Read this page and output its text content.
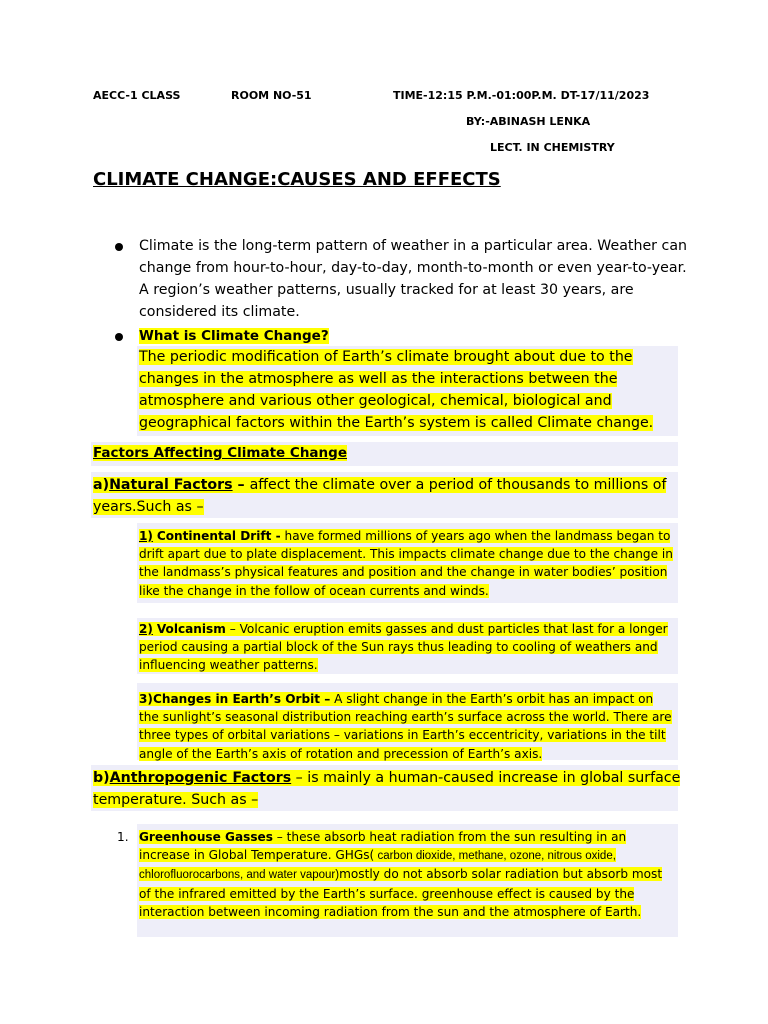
AECC-1 CLASS	ROOM NO-51	TIME-12:15 P.M.-01:00P.M. DT-17/11/2023
BY:-ABINASH LENKA
LECT. IN CHEMISTRY
CLIMATE CHANGE:CAUSES AND EFFECTS
Climate is the long-term pattern of weather in a particular area. Weather can change from hour-to-hour, day-to-day, month-to-month or even year-to-year. A region’s weather patterns, usually tracked for at least 30 years, are considered its climate.
What is Climate Change?
The periodic modification of Earth’s climate brought about due to the changes in the atmosphere as well as the interactions between the atmosphere and various other geological, chemical, biological and geographical factors within the Earth’s system is called Climate change.
Factors Affecting Climate Change
a)Natural Factors – affect the climate over a period of thousands to millions of years.Such as –
1) Continental Drift - have formed millions of years ago when the landmass began to drift apart due to plate displacement. This impacts climate change due to the change in the landmass’s physical features and position and the change in water bodies’ position like the change in the follow of ocean currents and winds.
2) Volcanism – Volcanic eruption emits gasses and dust particles that last for a longer period causing a partial block of the Sun rays thus leading to cooling of weathers and influencing weather patterns.
3)Changes in Earth’s Orbit – A slight change in the Earth’s orbit has an impact on the sunlight’s seasonal distribution reaching earth’s surface across the world. There are three types of orbital variations – variations in Earth’s eccentricity, variations in the tilt angle of the Earth’s axis of rotation and precession of Earth’s axis.
b)Anthropogenic Factors – is mainly a human-caused increase in global surface temperature. Such as –
1. Greenhouse Gasses – these absorb heat radiation from the sun resulting in an increase in Global Temperature. GHGs( carbon dioxide, methane, ozone, nitrous oxide, chlorofluorocarbons, and water vapour)mostly do not absorb solar radiation but absorb most of the infrared emitted by the Earth’s surface. greenhouse effect is caused by the interaction between incoming radiation from the sun and the atmosphere of Earth.
